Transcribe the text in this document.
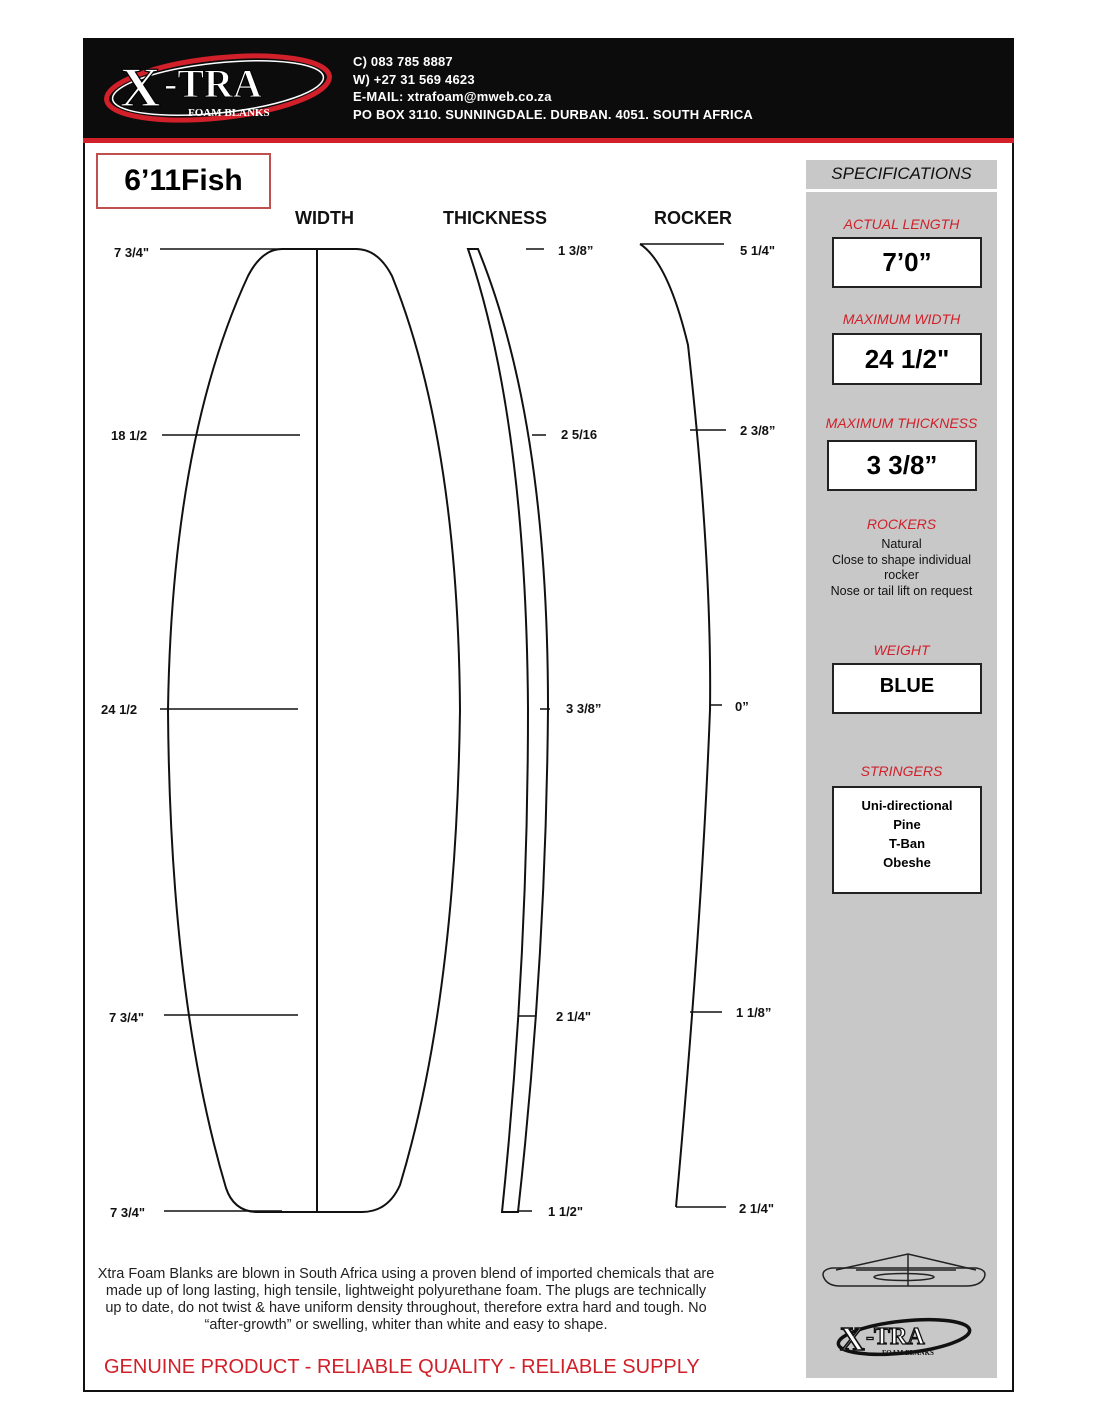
X -TRA
FOAM BLANKS
C) 083 785 8887
W) +27 31 569 4623
E-MAIL: xtrafoam@mweb.co.za
PO BOX 3110. SUNNINGDALE. DURBAN. 4051. SOUTH AFRICA
6’11Fish
WIDTH	THICKNESS	ROCKER
7 3/4"
18 1/2
24 1/2
7 3/4"
7 3/4"
1 3/8”
2 5/16
3 3/8”
2 1/4"
1 1/2"
5 1/4"
2 3/8”
0”
1 1/8”
2 1/4"
SPECIFICATIONS
ACTUAL LENGTH
7’0”
MAXIMUM WIDTH
24 1/2"
MAXIMUM THICKNESS
3 3/8”
ROCKERS
Natural
Close to shape individual
rocker
Nose or tail lift on request
WEIGHT
BLUE
STRINGERS
Uni-directional
Pine
T-Ban
Obeshe
X -TRA
FOAM BLANKS
Xtra Foam Blanks are blown in South Africa using a proven blend of imported chemicals that are made up of long lasting, high tensile, lightweight polyurethane foam. The plugs are technically up to date, do not twist & have uniform density throughout, therefore extra hard and tough. No “after-growth” or swelling, whiter than white and easy to shape.
GENUINE PRODUCT - RELIABLE QUALITY - RELIABLE SUPPLY
